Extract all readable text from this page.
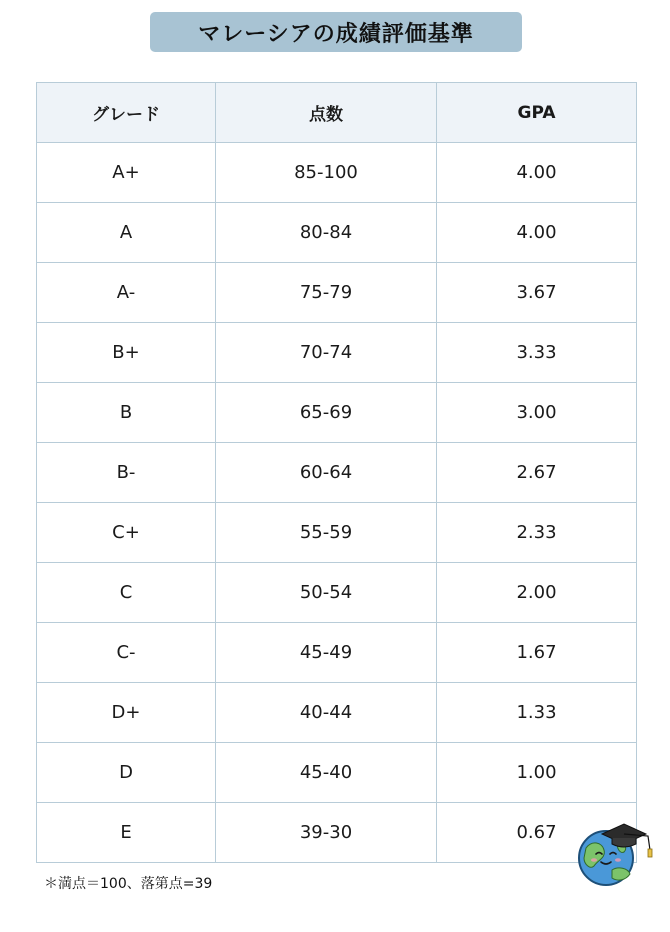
マレーシアの成績評価基準
グレード	点数	GPA
A+	85-100	4.00
A	80-84	4.00
A-	75-79	3.67
B+	70-74	3.33
B	65-69	3.00
B-	60-64	2.67
C+	55-59	2.33
C	50-54	2.00
C-	45-49	1.67
D+	40-44	1.33
D	45-40	1.00
E	39-30	0.67
＊満点＝100、落第点=39
